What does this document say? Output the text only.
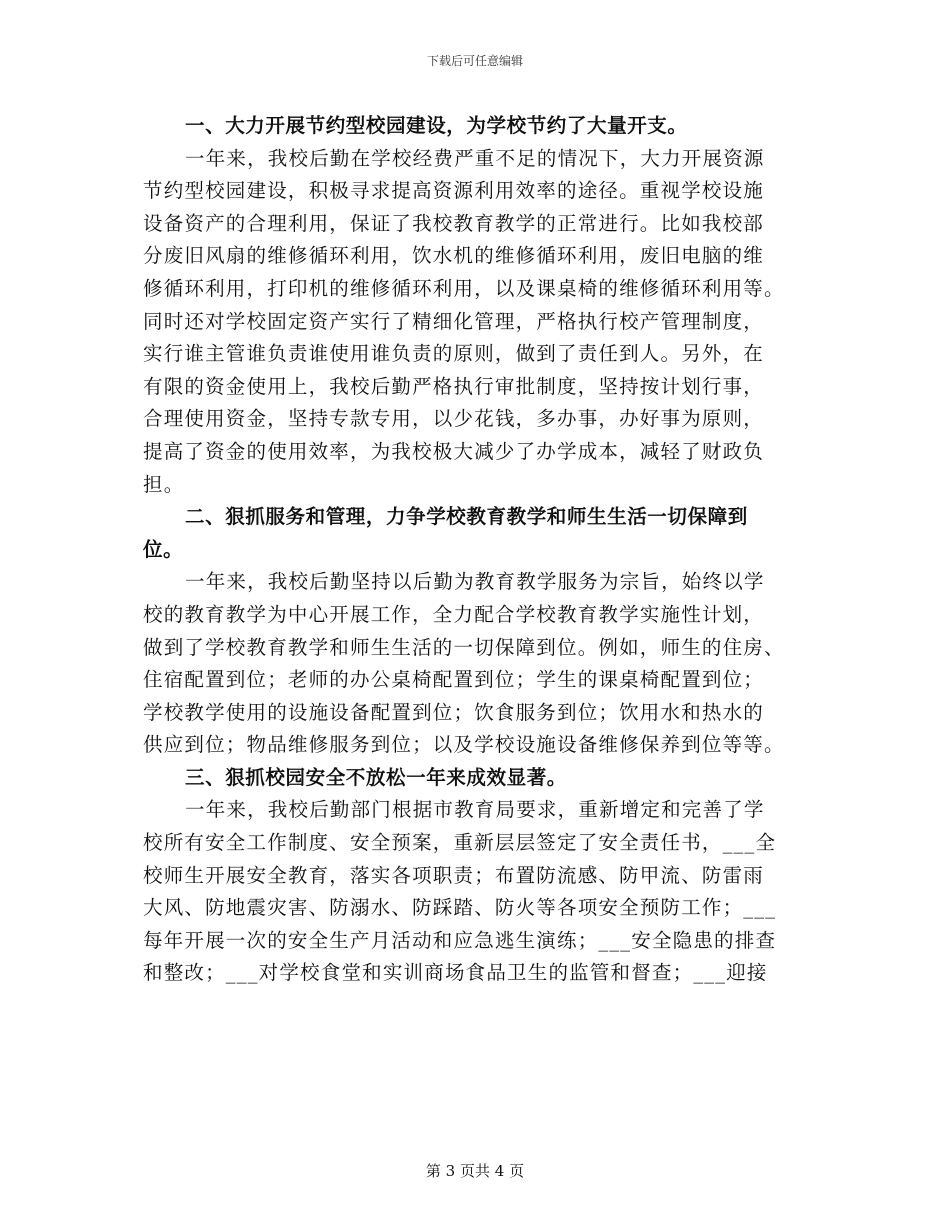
下载后可任意编辑
一、大力开展节约型校园建设，为学校节约了大量开支。
一年来，我校后勤在学校经费严重不足的情况下，大力开展资源
节约型校园建设，积极寻求提高资源利用效率的途径。重视学校设施
设备资产的合理利用，保证了我校教育教学的正常进行。比如我校部
分废旧风扇的维修循环利用，饮水机的维修循环利用，废旧电脑的维
修循环利用，打印机的维修循环利用，以及课桌椅的维修循环利用等。
同时还对学校固定资产实行了精细化管理，严格执行校产管理制度，
实行谁主管谁负责谁使用谁负责的原则，做到了责任到人。另外，在
有限的资金使用上，我校后勤严格执行审批制度，坚持按计划行事，
合理使用资金，坚持专款专用，以少花钱，多办事，办好事为原则，
提高了资金的使用效率，为我校极大减少了办学成本，减轻了财政负
担。
二、狠抓服务和管理，力争学校教育教学和师生生活一切保障到
位。
一年来，我校后勤坚持以后勤为教育教学服务为宗旨，始终以学
校的教育教学为中心开展工作，全力配合学校教育教学实施性计划，
做到了学校教育教学和师生生活的一切保障到位。例如，师生的住房、
住宿配置到位；老师的办公桌椅配置到位；学生的课桌椅配置到位；
学校教学使用的设施设备配置到位；饮食服务到位；饮用水和热水的
供应到位；物品维修服务到位；以及学校设施设备维修保养到位等等。
三、狠抓校园安全不放松一年来成效显著。
一年来，我校后勤部门根据市教育局要求，重新增定和完善了学
校所有安全工作制度、安全预案，重新层层签定了安全责任书，___全
校师生开展安全教育，落实各项职责；布置防流感、防甲流、防雷雨
大风、防地震灾害、防溺水、防踩踏、防火等各项安全预防工作；___
每年开展一次的安全生产月活动和应急逃生演练；___安全隐患的排查
和整改；___对学校食堂和实训商场食品卫生的监管和督查；___迎接
第 3 页共 4 页
